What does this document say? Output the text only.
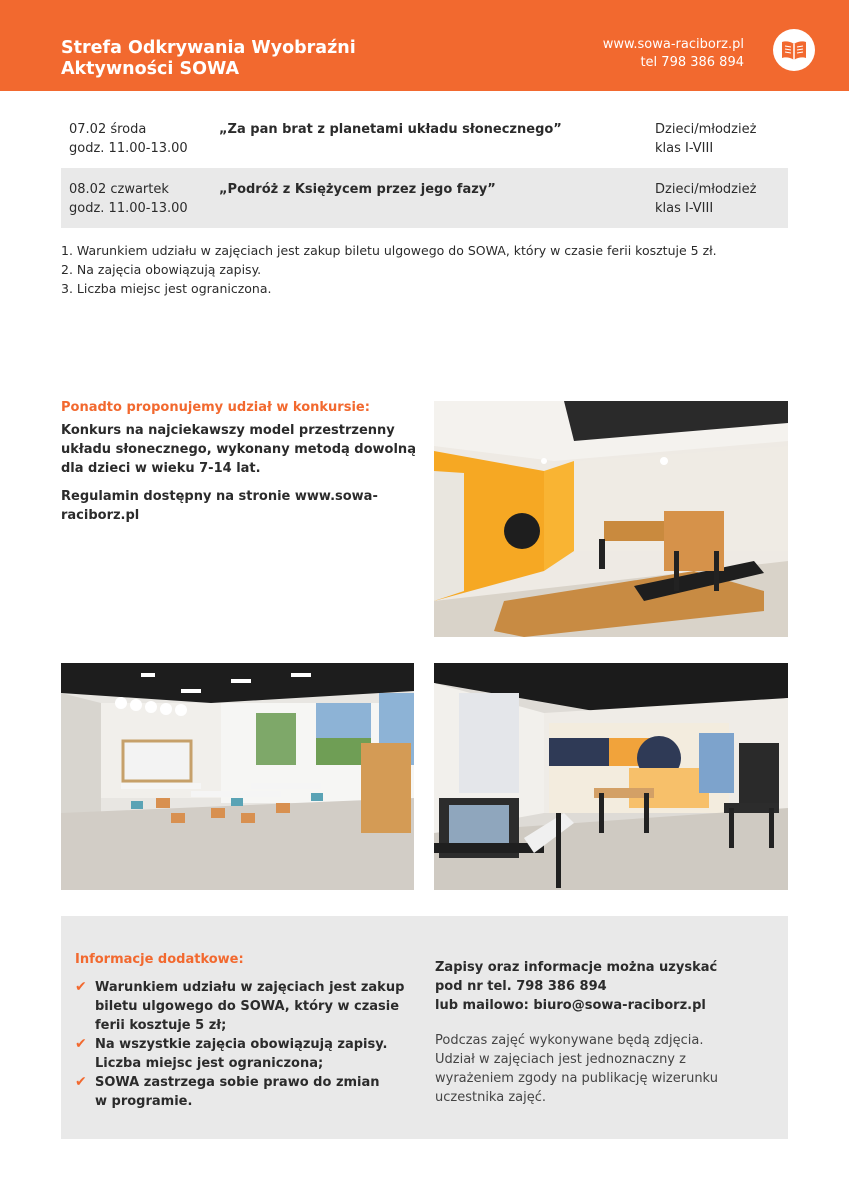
Strefa Odkrywania Wyobraźni
Aktywności SOWA
www.sowa-raciborz.pl
tel 798 386 894
07.02 środa
godz. 11.00-13.00
„Za pan brat z planetami układu słonecznego”	Dzieci/młodzież
klas I-VIII
08.02 czwartek
godz. 11.00-13.00
„Podróż z Księżycem przez jego fazy”	Dzieci/młodzież
klas I-VIII
1. Warunkiem udziału w zajęciach jest zakup biletu ulgowego do SOWA, który w czasie ferii kosztuje 5 zł.
2. Na zajęcia obowiązują zapisy.
3. Liczba miejsc jest ograniczona.
Ponadto proponujemy udział w konkursie:
Konkurs na najciekawszy model przestrzenny
układu słonecznego, wykonany metodą dowolną
dla dzieci w wieku 7-14 lat.
Regulamin dostępny na stronie www.sowa-
raciborz.pl
Informacje dodatkowe:
✔ Warunkiem udziału w zajęciach jest zakup
biletu ulgowego do SOWA, który w czasie
ferii kosztuje 5 zł;
✔ Na wszystkie zajęcia obowiązują zapisy.
Liczba miejsc jest ograniczona;
✔ SOWA zastrzega sobie prawo do zmian
w programie.
Zapisy oraz informacje można uzyskać
pod nr tel. 798 386 894
lub mailowo: biuro@sowa-raciborz.pl
Podczas zajęć wykonywane będą zdjęcia.
Udział w zajęciach jest jednoznaczny z
wyrażeniem zgody na publikację wizerunku
uczestnika zajęć.
